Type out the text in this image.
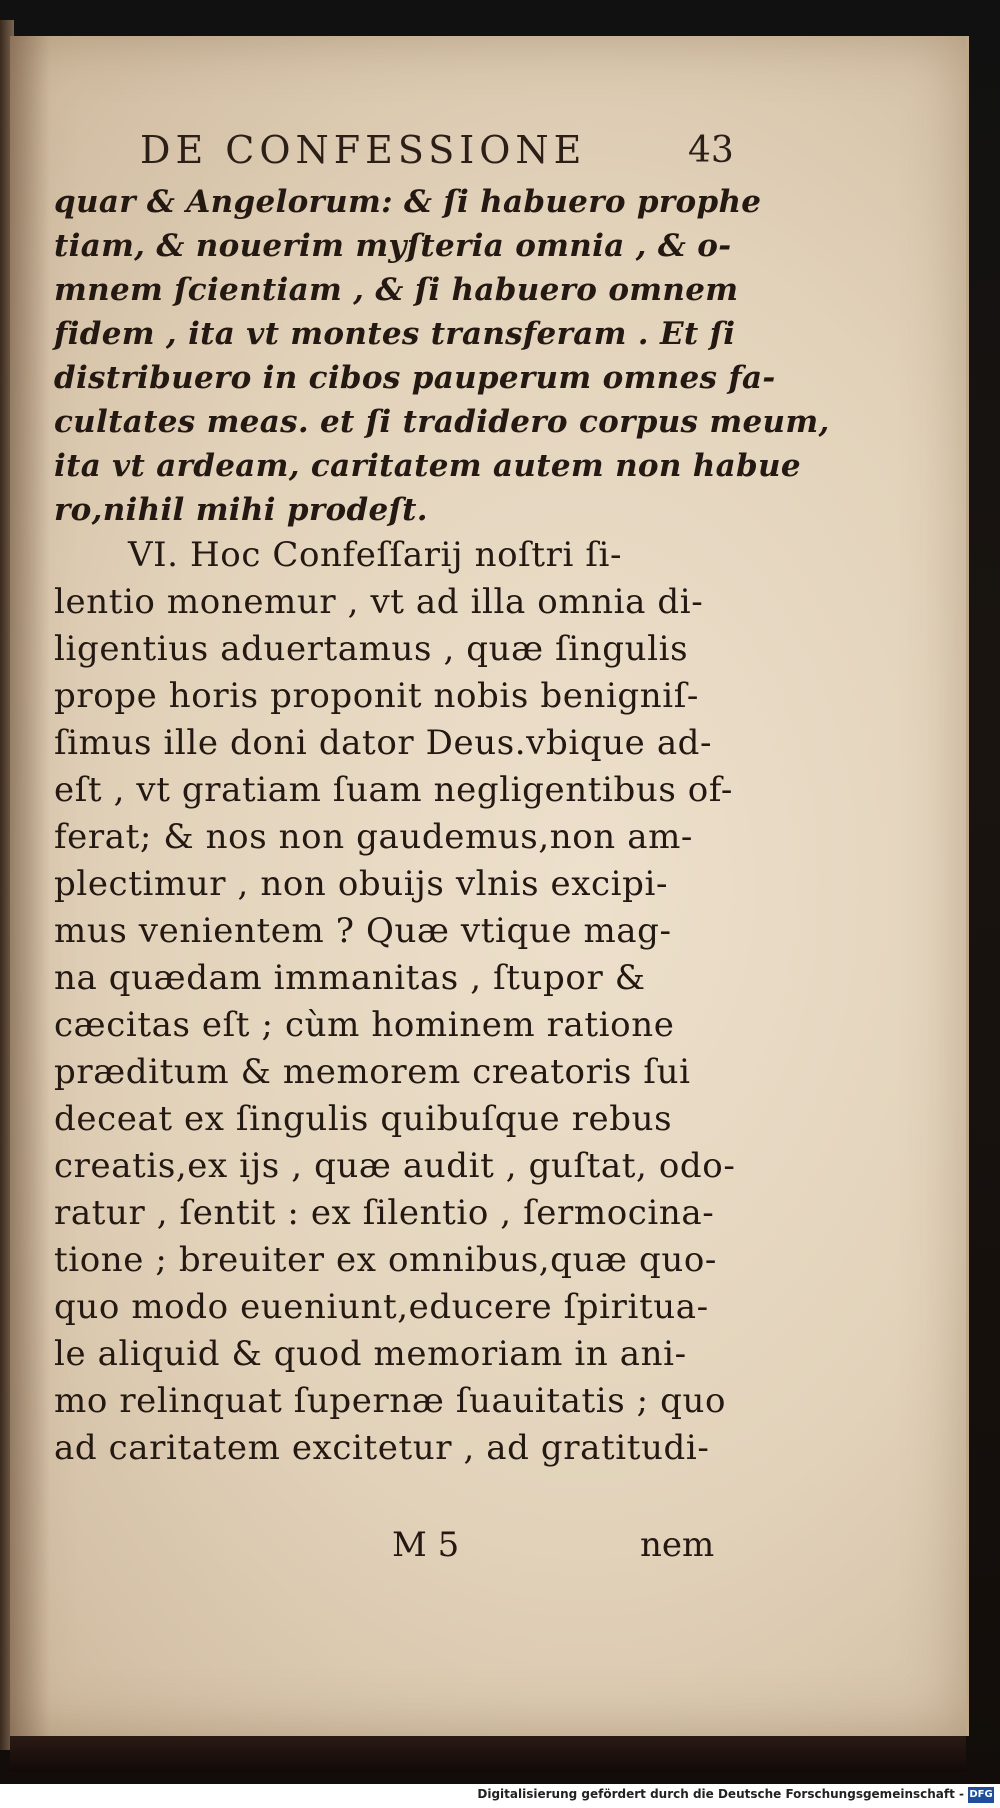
DE CONFESSIONE	43
quar & Angelorum: & ſi habuero prophe
tiam, & nouerim myſteria omnia , & o-
mnem ſcientiam , & ſi habuero omnem
fidem , ita vt montes transferam . Et ſi
distribuero in cibos pauperum omnes fa-
cultates meas. et ſi tradidero corpus meum,
ita vt ardeam, caritatem autem non habue
ro,nihil mihi prodeſt.
VI. Hoc Confeſſarij noſtri ſi-
lentio monemur , vt ad illa omnia di-
ligentius aduertamus , quæ ſingulis
prope horis proponit nobis benigniſ-
ſimus ille doni dator Deus.vbique ad-
eſt , vt gratiam ſuam negligentibus of-
ferat; & nos non gaudemus,non am-
plectimur , non obuijs vlnis excipi-
mus venientem ? Quæ vtique mag-
na quædam immanitas , ſtupor &
cæcitas eſt ; cùm hominem ratione
præditum & memorem creatoris ſui
deceat ex ſingulis quibuſque rebus
creatis,ex ijs , quæ audit , guſtat, odo-
ratur , ſentit : ex ſilentio , ſermocina-
tione ; breuiter ex omnibus,quæ quo-
quo modo eueniunt,educere ſpiritua-
le aliquid & quod memoriam in ani-
mo relinquat ſupernæ ſuauitatis ; quo
ad caritatem excitetur , ad gratitudi-
M 5	nem
Digitalisierung gefördert durch die Deutsche Forschungsgemeinschaft - DFG
